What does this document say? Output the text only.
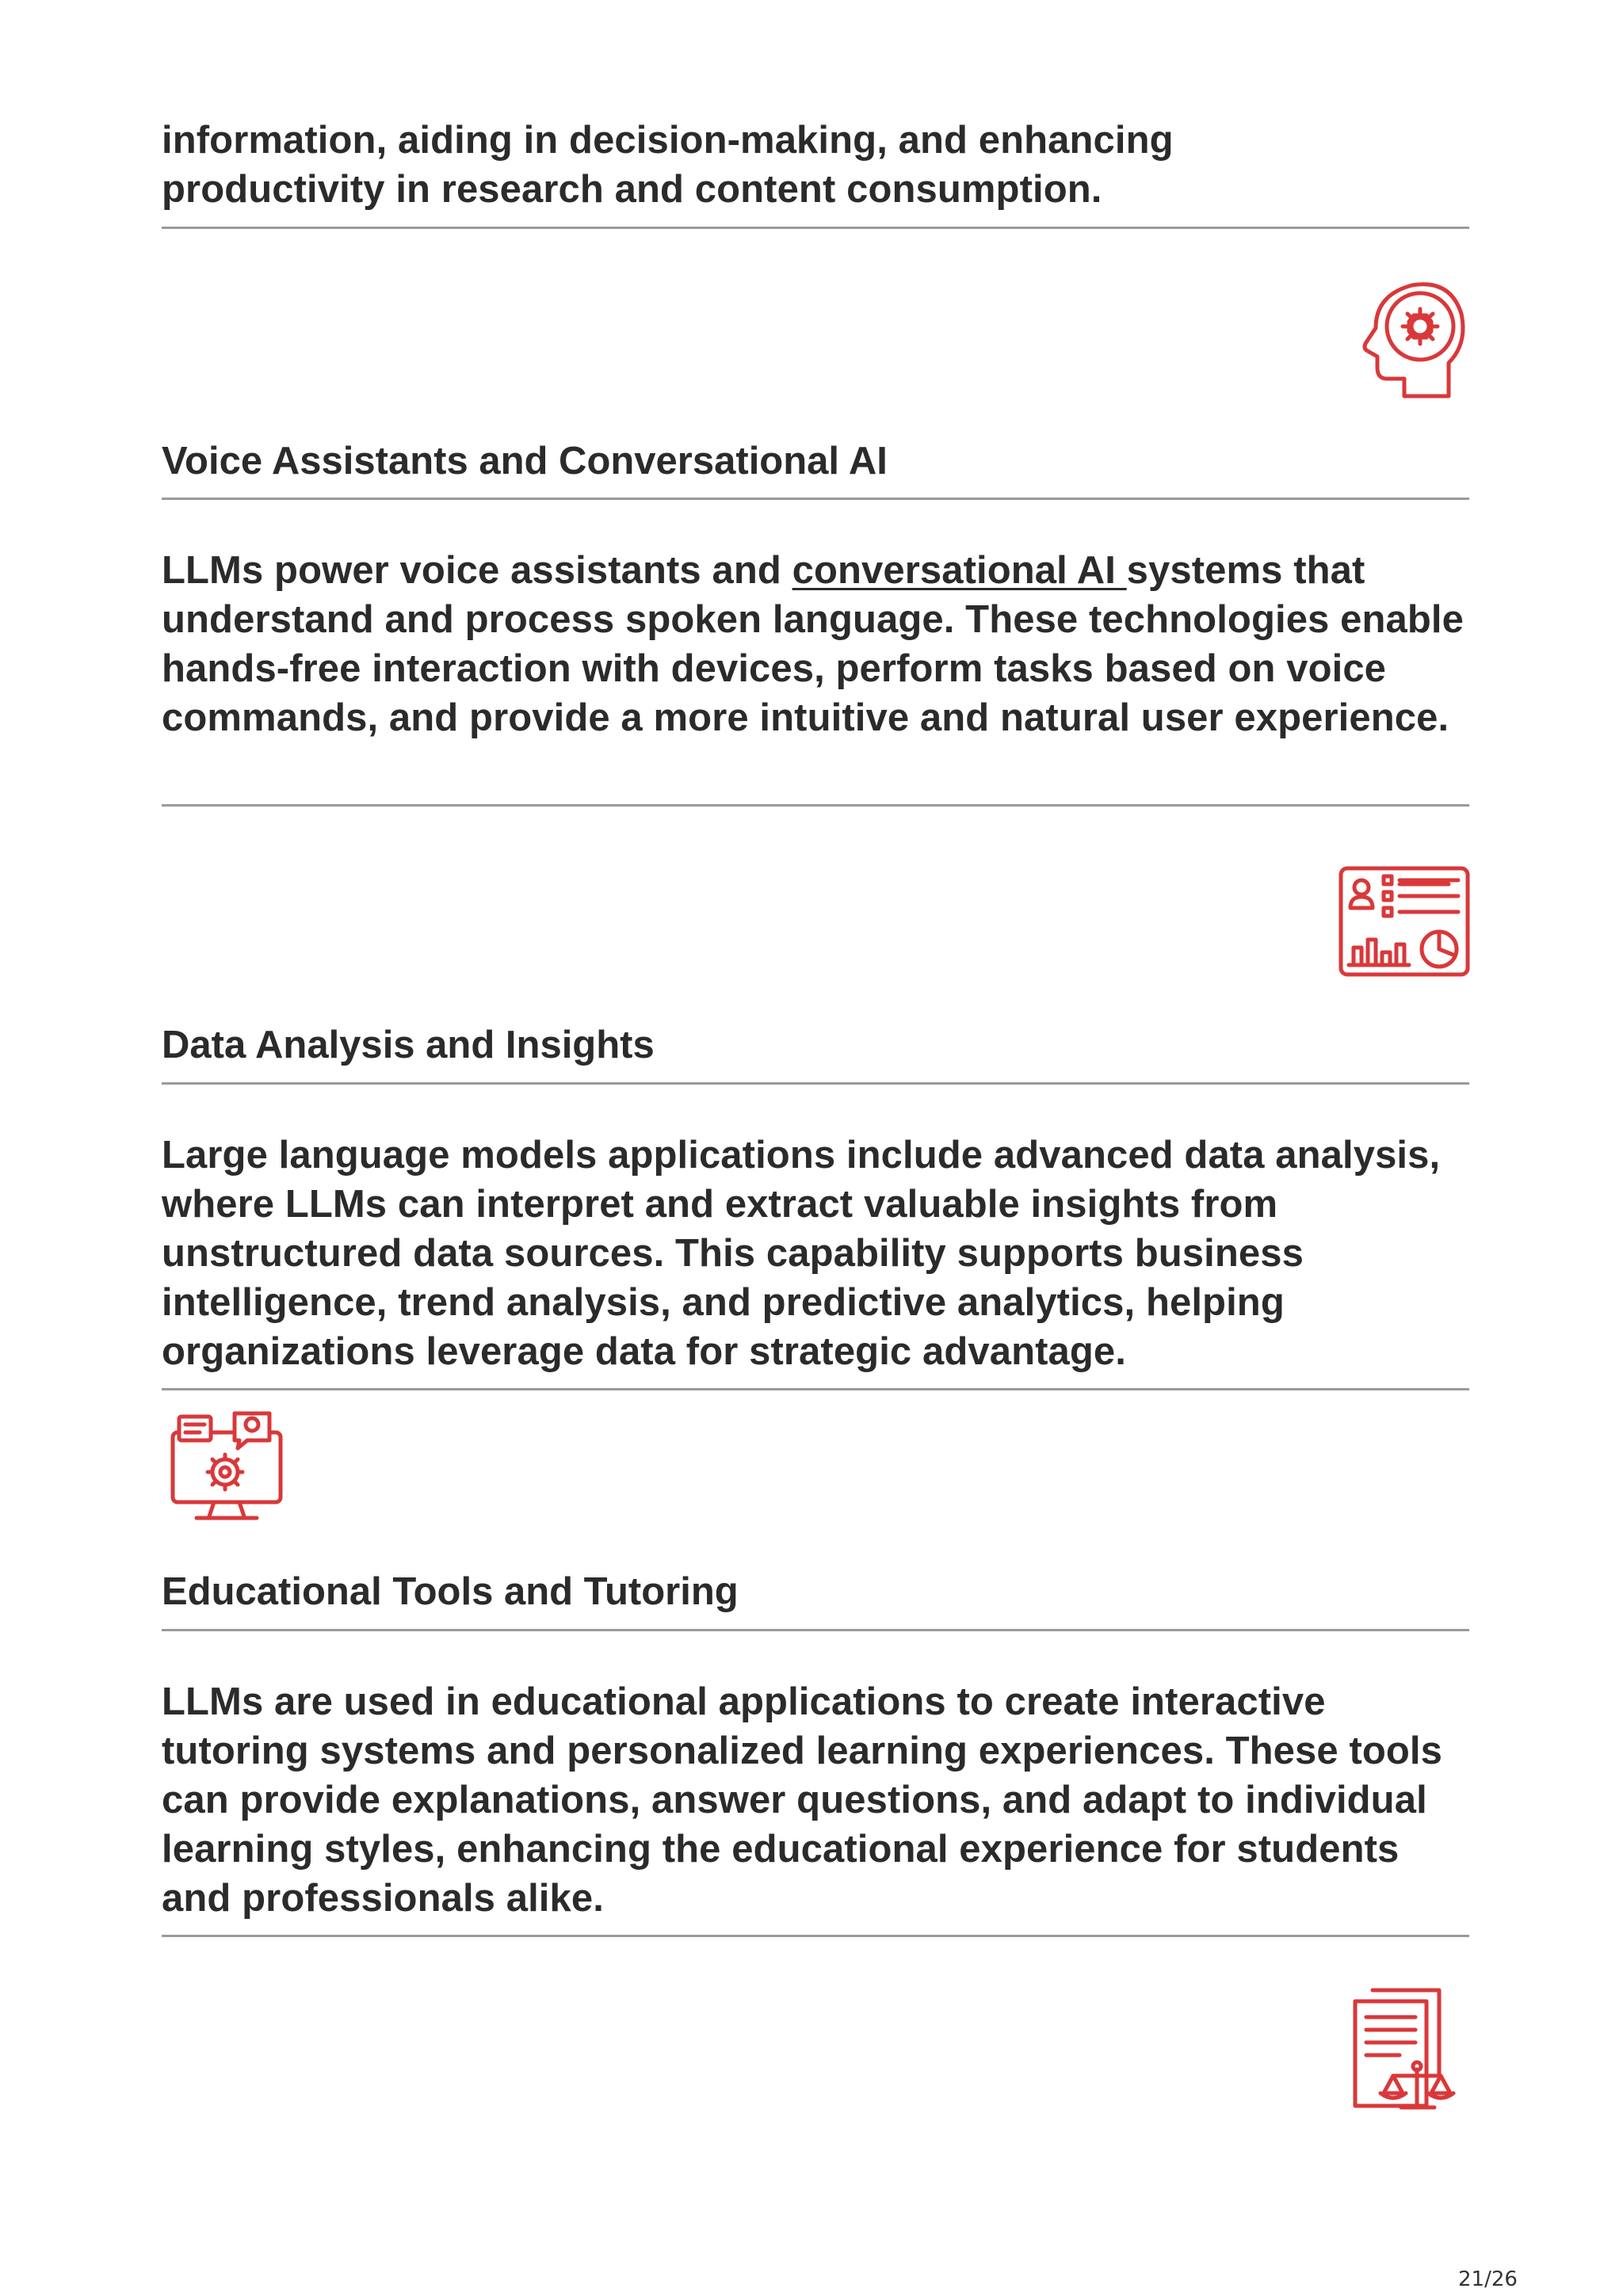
information, aiding in decision-making, and enhancing
productivity in research and content consumption.

Voice Assistants and Conversational AI

LLMs power voice assistants and conversational AI systems that understand and process spoken language. These technologies enable hands-free interaction with devices, perform tasks based on voice commands, and provide a more intuitive and natural user experience.

Data Analysis and Insights

Large language models applications include advanced data analysis, where LLMs can interpret and extract valuable insights from unstructured data sources. This capability supports business intelligence, trend analysis, and predictive analytics, helping organizations leverage data for strategic advantage.

Educational Tools and Tutoring

LLMs are used in educational applications to create interactive tutoring systems and personalized learning experiences. These tools can provide explanations, answer questions, and adapt to individual learning styles, enhancing the educational experience for students and professionals alike.

21/26
